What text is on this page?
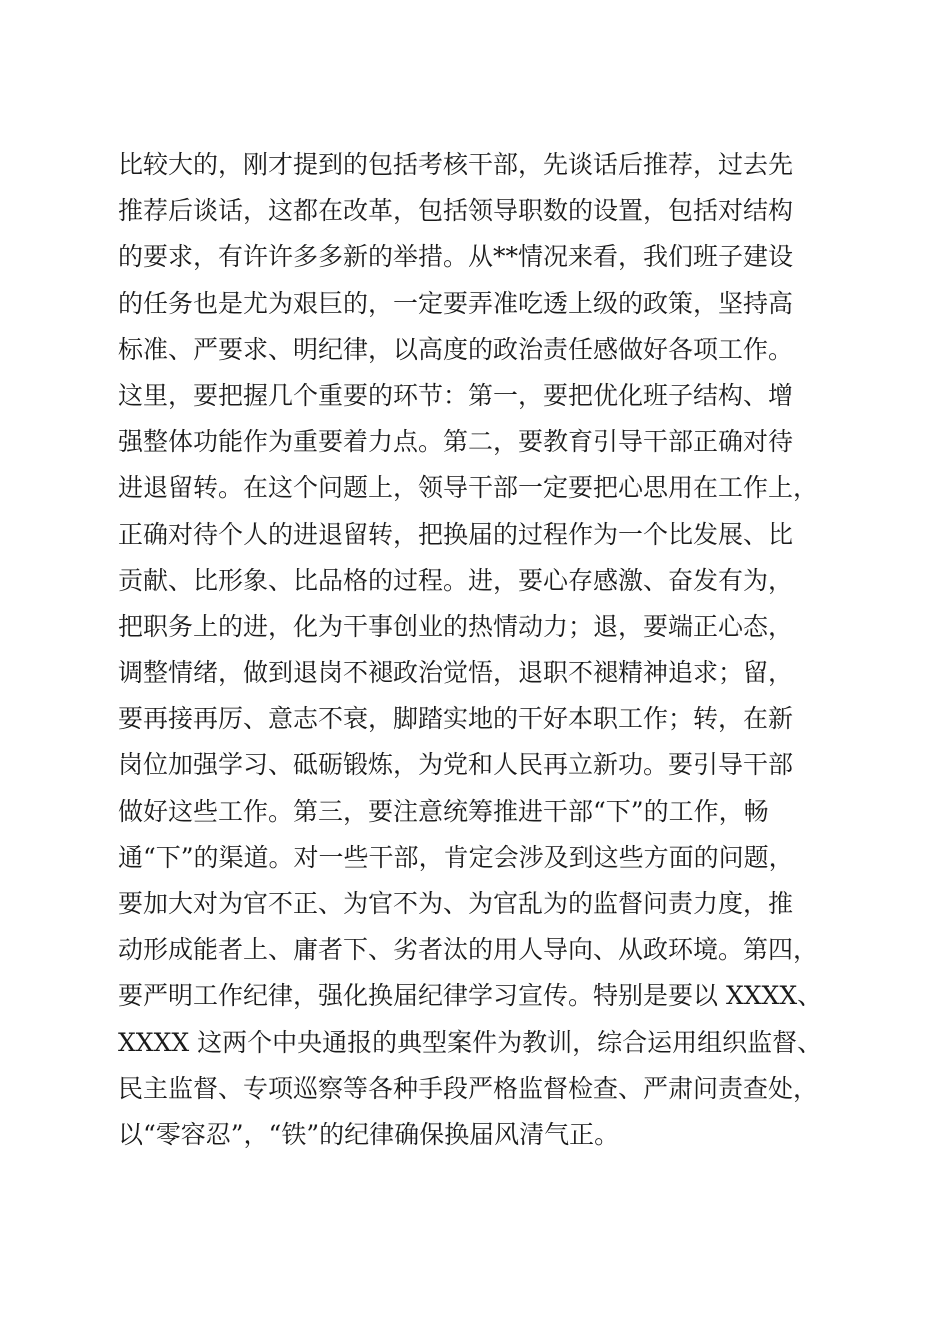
比较大的，刚才提到的包括考核干部，先谈话后推荐，过去先
推荐后谈话，这都在改革，包括领导职数的设置，包括对结构
的要求，有许许多多新的举措。从**情况来看，我们班子建设
的任务也是尤为艰巨的，一定要弄准吃透上级的政策，坚持高
标准、严要求、明纪律，以高度的政治责任感做好各项工作。
这里，要把握几个重要的环节：第一，要把优化班子结构、增
强整体功能作为重要着力点。第二，要教育引导干部正确对待
进退留转。在这个问题上，领导干部一定要把心思用在工作上，
正确对待个人的进退留转，把换届的过程作为一个比发展、比
贡献、比形象、比品格的过程。进，要心存感激、奋发有为，
把职务上的进，化为干事创业的热情动力；退，要端正心态，
调整情绪，做到退岗不褪政治觉悟，退职不褪精神追求；留，
要再接再厉、意志不衰，脚踏实地的干好本职工作；转，在新
岗位加强学习、砥砺锻炼，为党和人民再立新功。要引导干部
做好这些工作。第三，要注意统筹推进干部“下”的工作，畅
通“下”的渠道。对一些干部，肯定会涉及到这些方面的问题，
要加大对为官不正、为官不为、为官乱为的监督问责力度，推
动形成能者上、庸者下、劣者汰的用人导向、从政环境。第四，
要严明工作纪律，强化换届纪律学习宣传。特别是要以 XXXX、
XXXX 这两个中央通报的典型案件为教训，综合运用组织监督、
民主监督、专项巡察等各种手段严格监督检查、严肃问责查处，
以“零容忍”，“铁”的纪律确保换届风清气正。
